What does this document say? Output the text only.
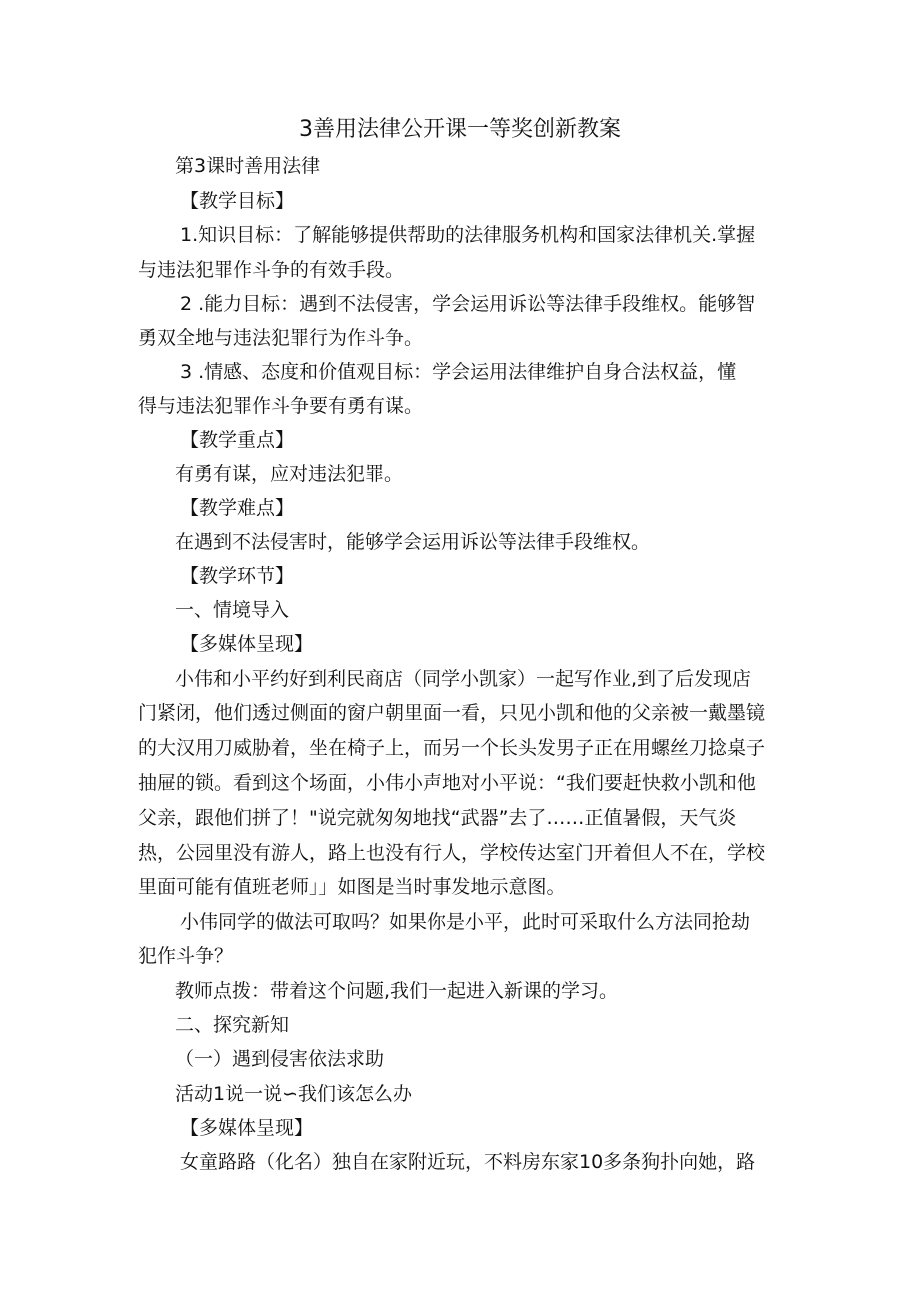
3善用法律公开课一等奖创新教案
第3课时善用法律
【教学目标】
1.知识目标：了解能够提供帮助的法律服务机构和国家法律机关.掌握
与违法犯罪作斗争的有效手段。
2 .能力目标：遇到不法侵害，学会运用诉讼等法律手段维权。能够智
勇双全地与违法犯罪行为作斗争。
3 .情感、态度和价值观目标：学会运用法律维护自身合法权益，懂
得与违法犯罪作斗争要有勇有谋。
【教学重点】
有勇有谋，应对违法犯罪。
【教学难点】
在遇到不法侵害时，能够学会运用诉讼等法律手段维权。
【教学环节】
一、情境导入
【多媒体呈现】
小伟和小平约好到利民商店（同学小凯家）一起写作业,到了后发现店
门紧闭，他们透过侧面的窗户朝里面一看，只见小凯和他的父亲被一戴墨镜
的大汉用刀威胁着，坐在椅子上，而另一个长头发男子正在用螺丝刀捻桌子
抽屉的锁。看到这个场面，小伟小声地对小平说：“我们要赶快救小凯和他
父亲，跟他们拼了！"说完就匆匆地找“武器”去了……正值暑假，天气炎
热，公园里没有游人，路上也没有行人，学校传达室门开着但人不在，学校
里面可能有值班老师」」如图是当时事发地示意图。
小伟同学的做法可取吗？如果你是小平，此时可采取什么方法同抢劫
犯作斗争？
教师点拨：带着这个问题,我们一起进入新课的学习。
二、探究新知
（一）遇到侵害依法求助
活动1说一说∽我们该怎么办
【多媒体呈现】
女童路路（化名）独自在家附近玩，不料房东家10多条狗扑向她，路
